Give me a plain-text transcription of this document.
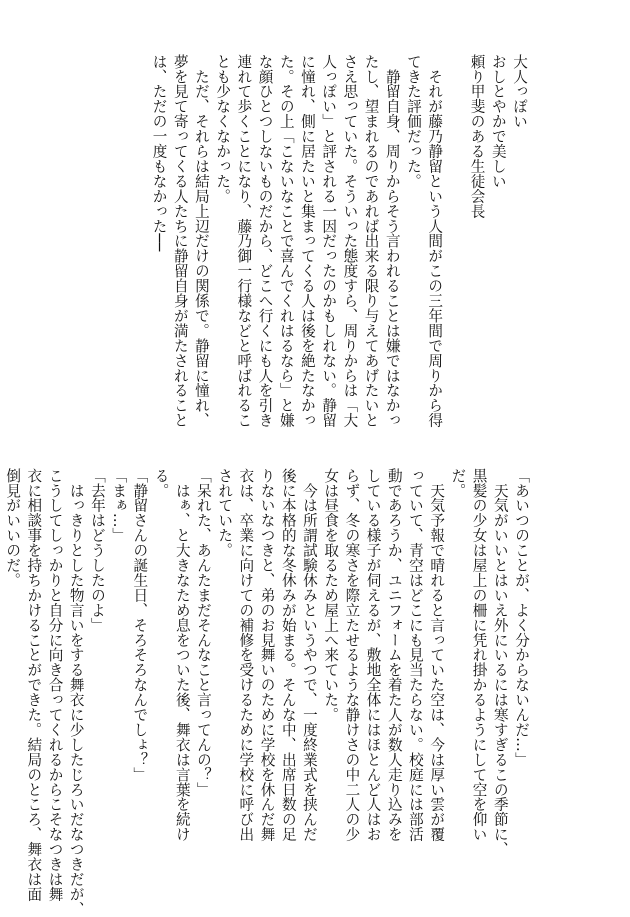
大人っぽい

おしとやかで美しい

頼り甲斐のある生徒会長

　それが藤乃静留という人間がこの三年間で周りから得

てきた評価だった。

　静留自身、周りからそう言われることは嫌ではなかっ

たし、望まれるのであれば出来る限り与えてあげたいと

さえ思っていた。そういった態度すら、周りからは「大

人っぽい」と評される一因だったのかもしれない。静留

に憧れ、側に居たいと集まってくる人は後を絶たなかっ

た。その上「こないなことで喜んでくれはるなら」と嫌

な顔ひとつしないものだから、どこへ行くにも人を引き

連れて歩くことになり、藤乃御一行様などと呼ばれるこ

とも少なくなかった。

　ただ、それらは結局上辺だけの関係で。静留に憧れ、

夢を見て寄ってくる人たちに静留自身が満たされること

は、ただの一度もなかった──

「あいつのことが、よく分からないんだ…」

　天気がいいとはいえ外にいるには寒すぎるこの季節に、

黒髪の少女は屋上の柵に凭れ掛かるようにして空を仰い

だ。

　天気予報で晴れると言っていた空は、今は厚い雲が覆

っていて、青空はどこにも見当たらない。校庭には部活

動であろうか、ユニフォームを着た人が数人走り込みを

している様子が伺えるが、敷地全体にはほとんど人はお

らず、冬の寒さを際立たせるような静けさの中二人の少

女は昼食を取るため屋上へ来ていた。

　今は所謂試験休みというやつで、一度終業式を挟んだ

後に本格的な冬休みが始まる。そんな中、出席日数の足

りないなつきと、弟のお見舞いのために学校を休んだ舞

衣は、卒業に向けての補修を受けるために学校に呼び出

されていた。

「呆れた、あんたまだそんなこと言ってんの？」

　はぁ、と大きなため息をついた後、舞衣は言葉を続け

る。

「静留さんの誕生日、そろそろなんでしょ？」

「まぁ…」

「去年はどうしたのよ」

　はっきりとした物言いをする舞衣に少したじろいだなつきだが、

こうしてしっかりと自分に向き合ってくれるからこそなつきは舞

衣に相談事を持ちかけることができた。結局のところ、舞衣は面

倒見がいいのだ。
